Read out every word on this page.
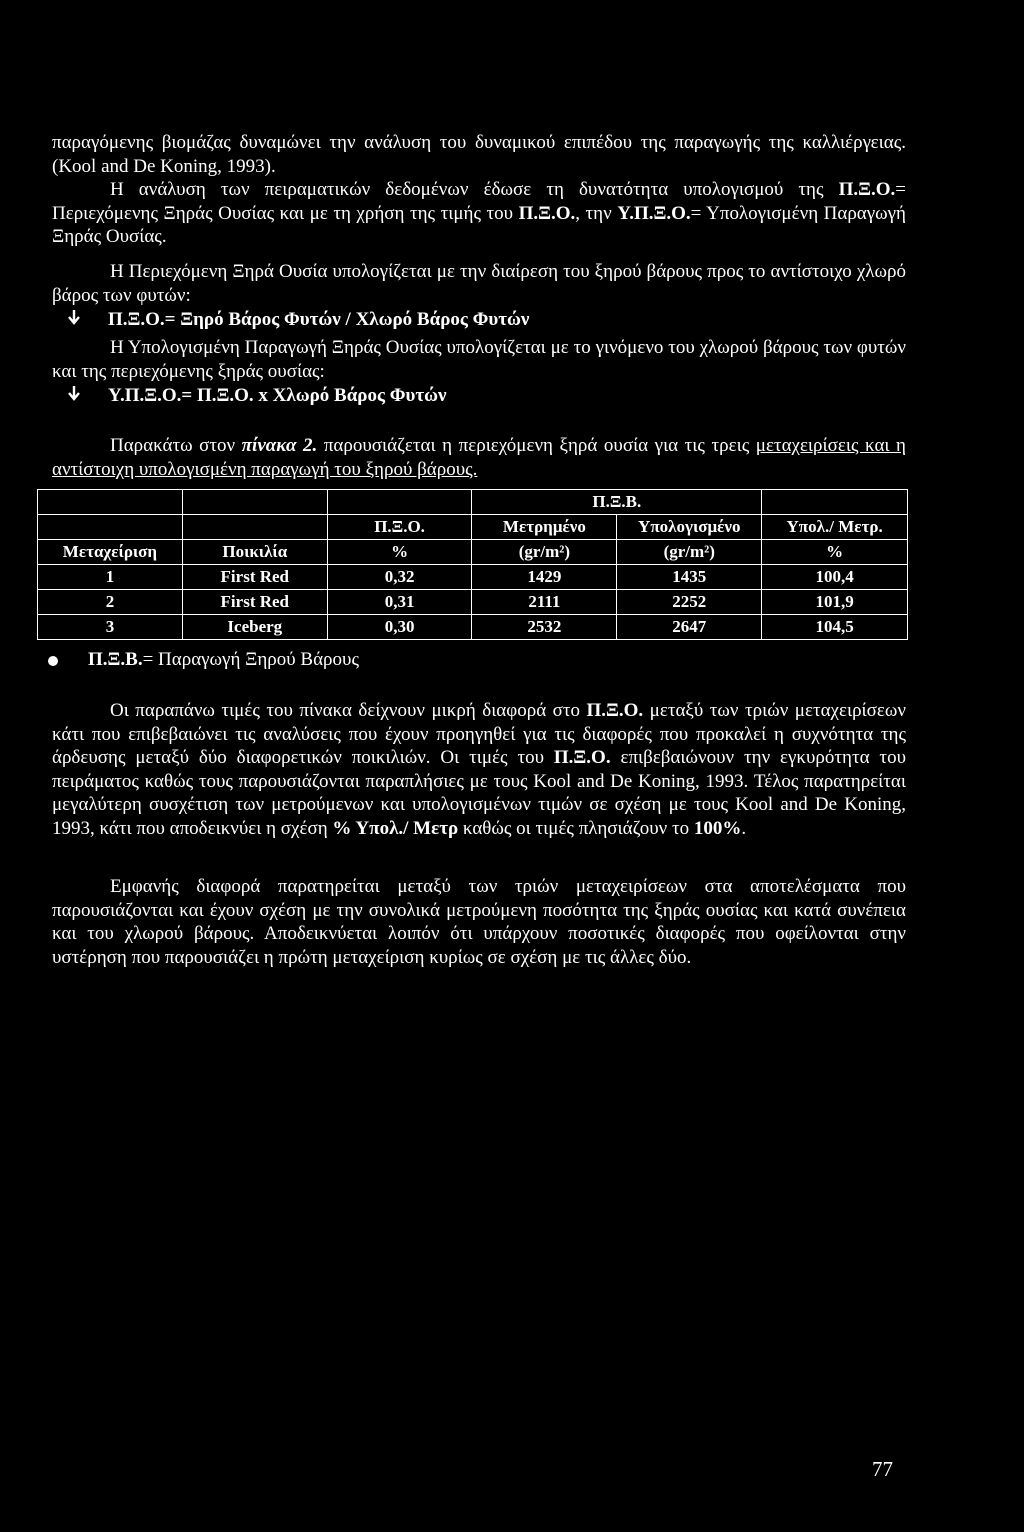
παραγόμενης βιομάζας δυναμώνει την ανάλυση του δυναμικού επιπέδου της παραγωγής της καλλιέργειας. (Kool and De Koning, 1993).

Η ανάλυση των πειραματικών δεδομένων έδωσε τη δυνατότητα υπολογισμού της Π.Ξ.Ο.= Περιεχόμενης Ξηράς Ουσίας και με τη χρήση της τιμής του Π.Ξ.Ο., την Υ.Π.Ξ.Ο.= Υπολογισμένη Παραγωγή Ξηράς Ουσίας.

Η Περιεχόμενη Ξηρά Ουσία υπολογίζεται με την διαίρεση του ξηρού βάρους προς το αντίστοιχο χλωρό βάρος των φυτών:

Π.Ξ.Ο.= Ξηρό Βάρος Φυτών / Χλωρό Βάρος Φυτών

Η Υπολογισμένη Παραγωγή Ξηράς Ουσίας υπολογίζεται με το γινόμενο του χλωρού βάρους των φυτών και της περιεχόμενης ξηράς ουσίας:

Υ.Π.Ξ.Ο.= Π.Ξ.Ο. x Χλωρό Βάρος Φυτών

Παρακάτω στον πίνακα 2. παρουσιάζεται η περιεχόμενη ξηρά ουσία για τις τρεις μεταχειρίσεις και η αντίστοιχη υπολογισμένη παραγωγή του ξηρού βάρους.

			Π.Ξ.Β.		
		Π.Ξ.Ο.	Μετρημένο	Υπολογισμένο	Υπολ./ Μετρ.
Μεταχείριση	Ποικιλία	%	(gr/m²)	(gr/m²)	%
1	First Red	0,32	1429	1435	100,4
2	First Red	0,31	2111	2252	101,9
3	Iceberg	0,30	2532	2647	104,5
Π.Ξ.Β.= Παραγωγή Ξηρού Βάρους

Οι παραπάνω τιμές του πίνακα δείχνουν μικρή διαφορά στο Π.Ξ.Ο. μεταξύ των τριών μεταχειρίσεων κάτι που επιβεβαιώνει τις αναλύσεις που έχουν προηγηθεί για τις διαφορές που προκαλεί η συχνότητα της άρδευσης μεταξύ δύο διαφορετικών ποικιλιών. Οι τιμές του Π.Ξ.Ο. επιβεβαιώνουν την εγκυρότητα του πειράματος καθώς τους παρουσιάζονται παραπλήσιες με τους Kool and De Koning, 1993. Τέλος παρατηρείται μεγαλύτερη συσχέτιση των μετρούμενων και υπολογισμένων τιμών σε σχέση με τους Kool and De Koning, 1993, κάτι που αποδεικνύει η σχέση % Υπολ./ Μετρ καθώς οι τιμές πλησιάζουν το 100%.

Εμφανής διαφορά παρατηρείται μεταξύ των τριών μεταχειρίσεων στα αποτελέσματα που παρουσιάζονται και έχουν σχέση με την συνολικά μετρούμενη ποσότητα της ξηράς ουσίας και κατά συνέπεια και του χλωρού βάρους. Αποδεικνύεται λοιπόν ότι υπάρχουν ποσοτικές διαφορές που οφείλονται στην υστέρηση που παρουσιάζει η πρώτη μεταχείριση κυρίως σε σχέση με τις άλλες δύο.

77
